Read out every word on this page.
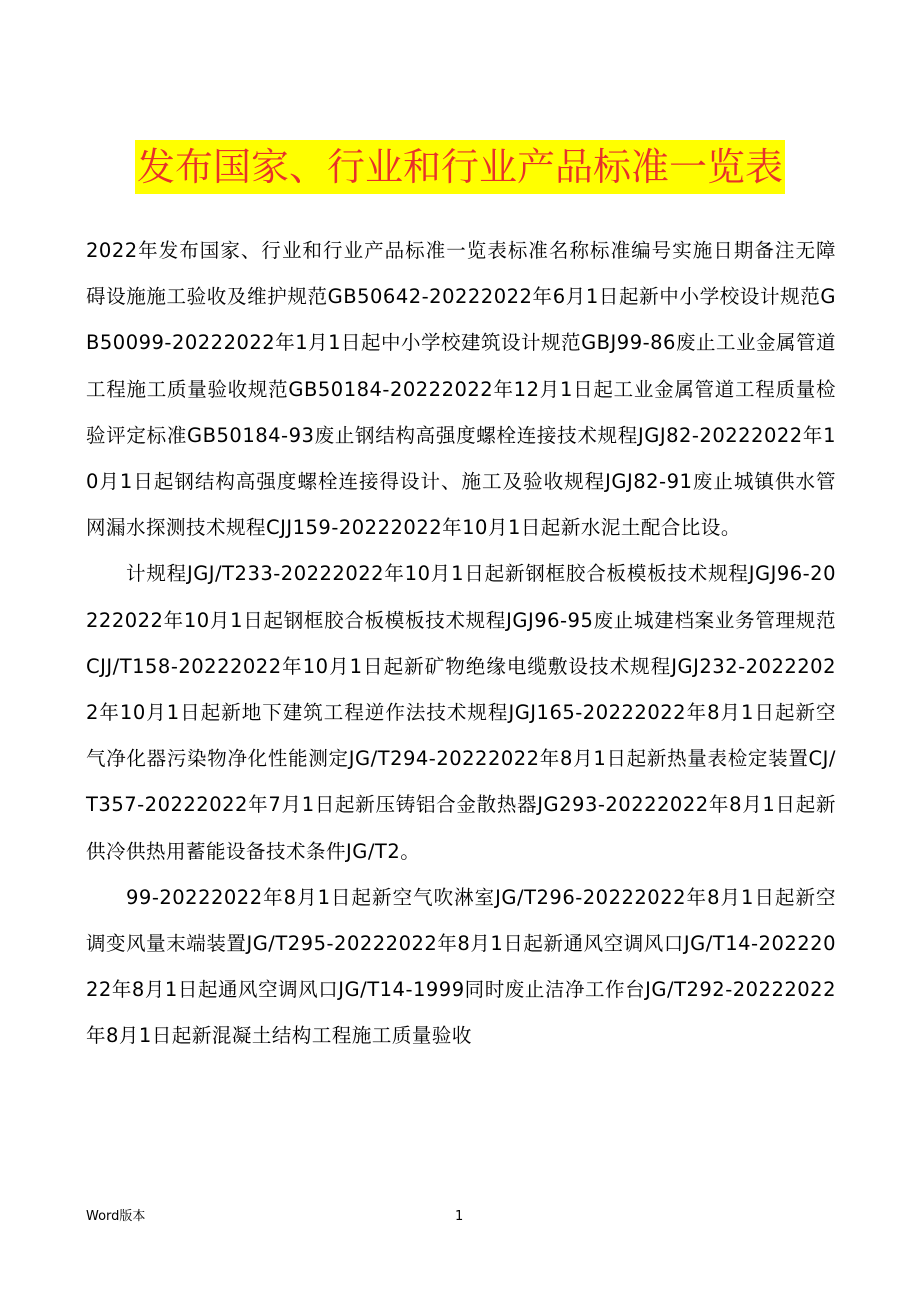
发布国家、行业和行业产品标准一览表

2022年发布国家、行业和行业产品标准一览表标准名称标准编号实施日期备注无障碍设施施工验收及维护规范GB50642-20222022年6月1日起新中小学校设计规范GB50099-20222022年1月1日起中小学校建筑设计规范GBJ99-86废止工业金属管道工程施工质量验收规范GB50184-20222022年12月1日起工业金属管道工程质量检验评定标准GB50184-93废止钢结构高强度螺栓连接技术规程JGJ82-20222022年10月1日起钢结构高强度螺栓连接得设计、施工及验收规程JGJ82-91废止城镇供水管网漏水探测技术规程CJJ159-20222022年10月1日起新水泥土配合比设。

计规程JGJ/T233-20222022年10月1日起新钢框胶合板模板技术规程JGJ96-20222022年10月1日起钢框胶合板模板技术规程JGJ96-95废止城建档案业务管理规范CJJ/T158-20222022年10月1日起新矿物绝缘电缆敷设技术规程JGJ232-20222022年10月1日起新地下建筑工程逆作法技术规程JGJ165-20222022年8月1日起新空气净化器污染物净化性能测定JG/T294-20222022年8月1日起新热量表检定装置CJ/T357-20222022年7月1日起新压铸铝合金散热器JG293-20222022年8月1日起新供冷供热用蓄能设备技术条件JG/T2。

99-20222022年8月1日起新空气吹淋室JG/T296-20222022年8月1日起新空调变风量末端装置JG/T295-20222022年8月1日起新通风空调风口JG/T14-20222022年8月1日起通风空调风口JG/T14-1999同时废止洁净工作台JG/T292-20222022年8月1日起新混凝土结构工程施工质量验收

Word版本	1
